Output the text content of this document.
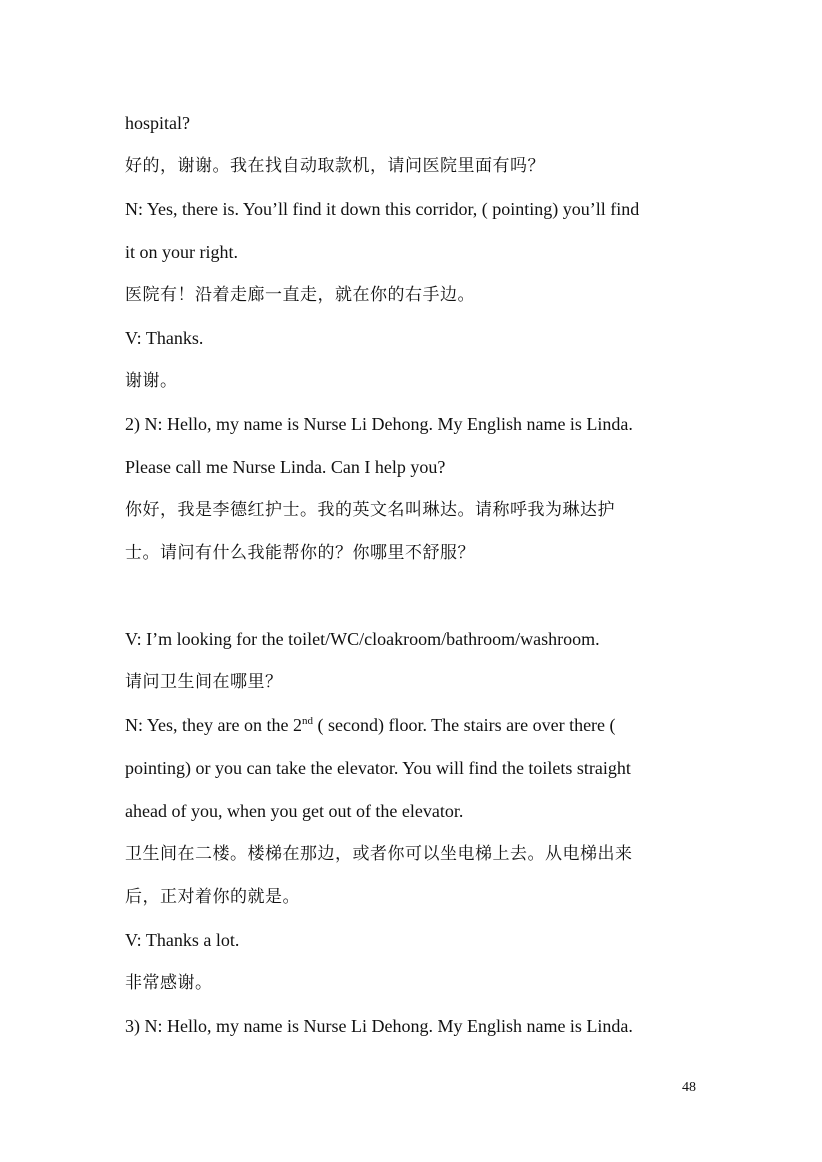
hospital?
好的，谢谢。我在找自动取款机，请问医院里面有吗？
N: Yes, there is. You’ll find it down this corridor, ( pointing) you’ll find
it on your right.
医院有！沿着走廊一直走，就在你的右手边。
V: Thanks.
谢谢。
2) N: Hello, my name is Nurse Li Dehong. My English name is Linda.
Please call me Nurse Linda. Can I help you?
你好，我是李德红护士。我的英文名叫琳达。请称呼我为琳达护
士。请问有什么我能帮你的？你哪里不舒服？
V: I’m looking for the toilet/WC/cloakroom/bathroom/washroom.
请问卫生间在哪里？
N: Yes, they are on the 2nd ( second) floor. The stairs are over there (
pointing) or you can take the elevator. You will find the toilets straight
ahead of you, when you get out of the elevator.
卫生间在二楼。楼梯在那边，或者你可以坐电梯上去。从电梯出来
后，正对着你的就是。
V: Thanks a lot.
非常感谢。
3) N: Hello, my name is Nurse Li Dehong. My English name is Linda.
48
